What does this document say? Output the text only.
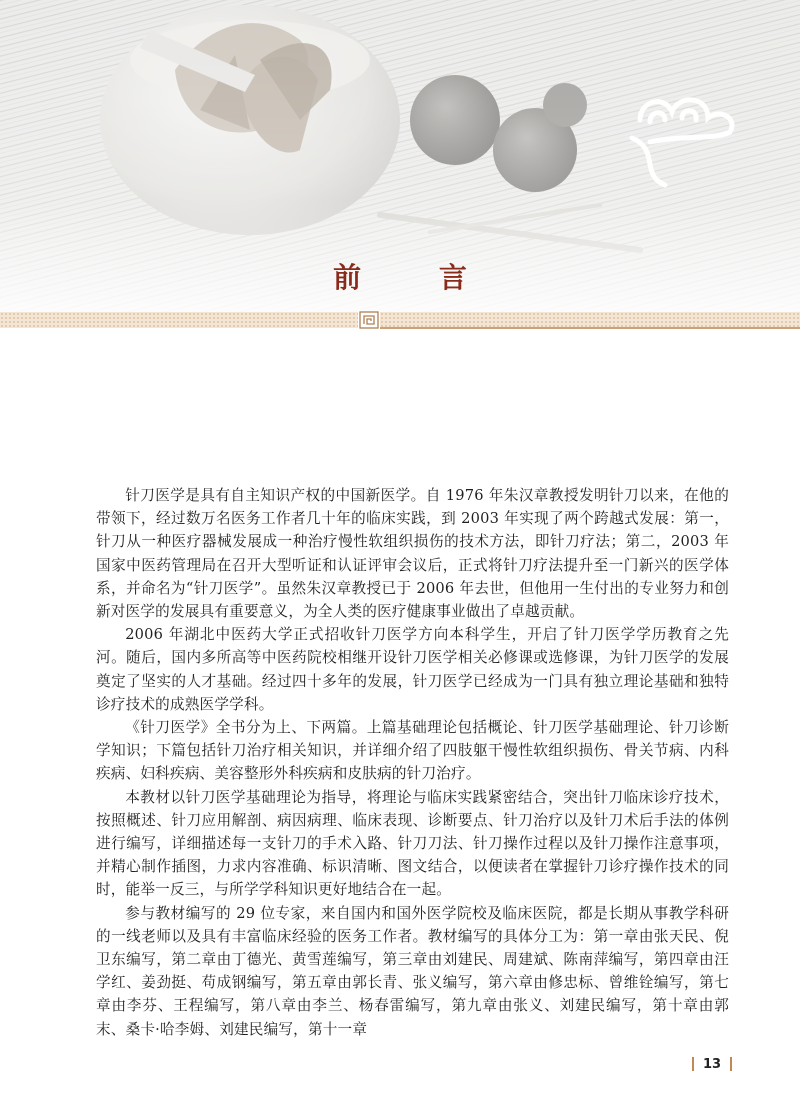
前 言

针刀医学是具有自主知识产权的中国新医学。自 1976 年朱汉章教授发明针刀以来，在他的带领下，经过数万名医务工作者几十年的临床实践，到 2003 年实现了两个跨越式发展：第一，针刀从一种医疗器械发展成一种治疗慢性软组织损伤的技术方法，即针刀疗法；第二，2003 年国家中医药管理局在召开大型听证和认证评审会议后，正式将针刀疗法提升至一门新兴的医学体系，并命名为“针刀医学”。虽然朱汉章教授已于 2006 年去世，但他用一生付出的专业努力和创新对医学的发展具有重要意义，为全人类的医疗健康事业做出了卓越贡献。

2006 年湖北中医药大学正式招收针刀医学方向本科学生，开启了针刀医学学历教育之先河。随后，国内多所高等中医药院校相继开设针刀医学相关必修课或选修课，为针刀医学的发展奠定了坚实的人才基础。经过四十多年的发展，针刀医学已经成为一门具有独立理论基础和独特诊疗技术的成熟医学学科。

《针刀医学》全书分为上、下两篇。上篇基础理论包括概论、针刀医学基础理论、针刀诊断学知识；下篇包括针刀治疗相关知识，并详细介绍了四肢躯干慢性软组织损伤、骨关节病、内科疾病、妇科疾病、美容整形外科疾病和皮肤病的针刀治疗。

本教材以针刀医学基础理论为指导，将理论与临床实践紧密结合，突出针刀临床诊疗技术，按照概述、针刀应用解剖、病因病理、临床表现、诊断要点、针刀治疗以及针刀术后手法的体例进行编写，详细描述每一支针刀的手术入路、针刀刀法、针刀操作过程以及针刀操作注意事项，并精心制作插图，力求内容准确、标识清晰、图文结合，以便读者在掌握针刀诊疗操作技术的同时，能举一反三，与所学学科知识更好地结合在一起。

参与教材编写的 29 位专家，来自国内和国外医学院校及临床医院，都是长期从事教学科研的一线老师以及具有丰富临床经验的医务工作者。教材编写的具体分工为：第一章由张天民、倪卫东编写，第二章由丁德光、黄雪莲编写，第三章由刘建民、周建斌、陈南萍编写，第四章由汪学红、姜劲挺、苟成钢编写，第五章由郭长青、张义编写，第六章由修忠标、曾维铨编写，第七章由李芬、王程编写，第八章由李兰、杨春雷编写，第九章由张义、刘建民编写，第十章由郭末、桑卡·哈李姆、刘建民编写，第十一章

13
